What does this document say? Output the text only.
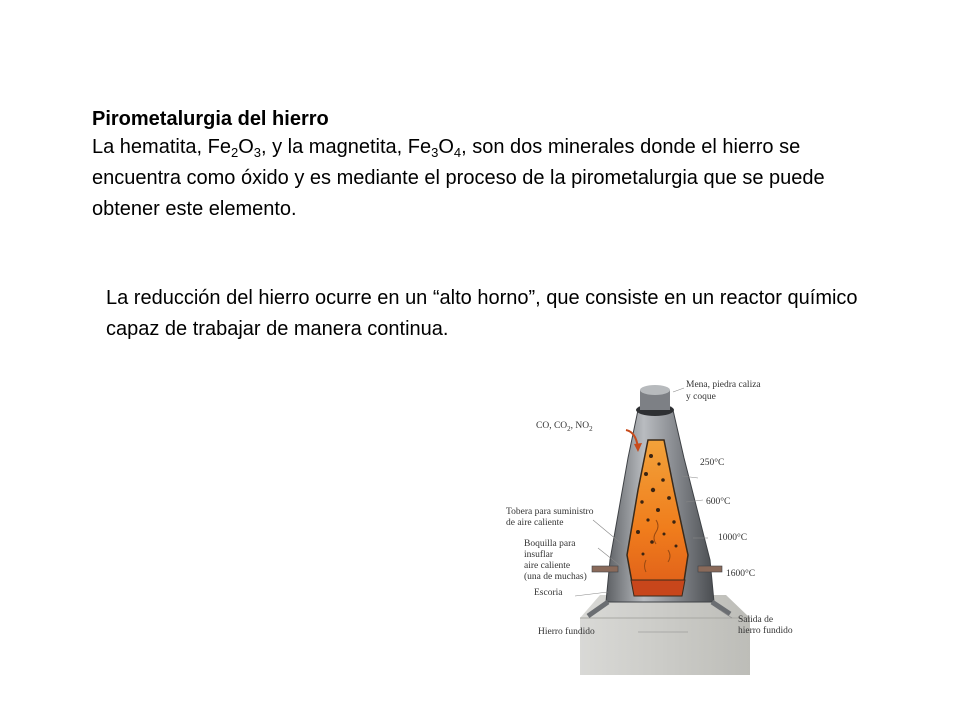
Pirometalurgia del hierro
La hematita, $Fe_2O_3$, y la magnetita, $Fe_3O_4$, son dos minerales donde el hierro se encuentra como óxido y es mediante el proceso de la pirometalurgia que se puede obtener este elemento.
La reducción del hierro ocurre en un “alto horno”, que consiste en un reactor químico capaz de trabajar de manera continua.
Mena, piedra caliza
y coque
CO, $CO_2$, $NO_2$
250°C
600°C
1000°C
1600°C
Tobera para suministro
de aire caliente
Boquilla para
insuflar
aire caliente
(una de muchas)
Escoria
Hierro fundido
Salida de
hierro fundido
